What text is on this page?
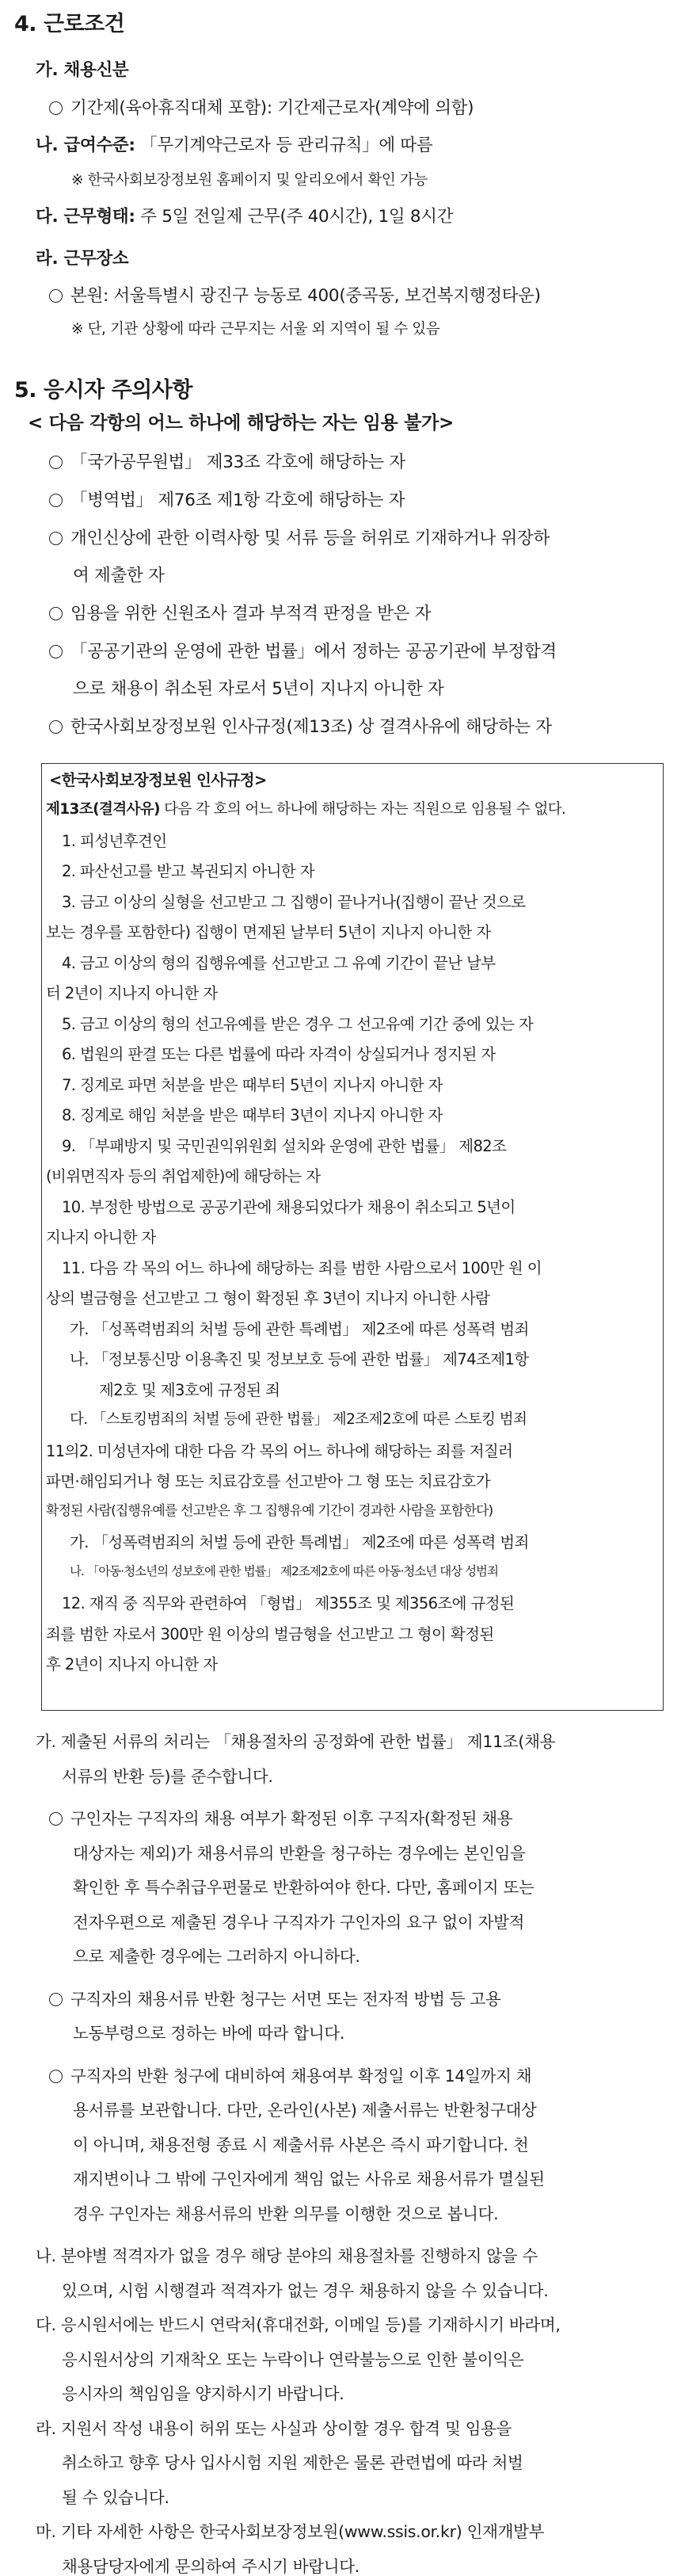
4. 근로조건
가. 채용신분
기간제(육아휴직대체 포함): 기간제근로자(계약에 의함)
나. 급여수준: 「무기계약근로자 등 관리규칙」에 따름
※ 한국사회보장정보원 홈페이지 및 알리오에서 확인 가능
다. 근무형태: 주 5일 전일제 근무(주 40시간), 1일 8시간
라. 근무장소
본원: 서울특별시 광진구 능동로 400(중곡동, 보건복지행정타운)
※ 단, 기관 상황에 따라 근무지는 서울 외 지역이 될 수 있음
5. 응시자 주의사항
< 다음 각항의 어느 하나에 해당하는 자는 임용 불가>
「국가공무원법」 제33조 각호에 해당하는 자
「병역법」 제76조 제1항 각호에 해당하는 자
개인신상에 관한 이력사항 및 서류 등을 허위로 기재하거나 위장하
여 제출한 자
임용을 위한 신원조사 결과 부적격 판정을 받은 자
「공공기관의 운영에 관한 법률」에서 정하는 공공기관에 부정합격
으로 채용이 취소된 자로서 5년이 지나지 아니한 자
한국사회보장정보원 인사규정(제13조) 상 결격사유에 해당하는 자
<한국사회보장정보원 인사규정>
제13조(결격사유) 다음 각 호의 어느 하나에 해당하는 자는 직원으로 임용될 수 없다.
1. 피성년후견인
2. 파산선고를 받고 복권되지 아니한 자
3. 금고 이상의 실형을 선고받고 그 집행이 끝나거나(집행이 끝난 것으로
보는 경우를 포함한다) 집행이 면제된 날부터 5년이 지나지 아니한 자
4. 금고 이상의 형의 집행유예를 선고받고 그 유예 기간이 끝난 날부
터 2년이 지나지 아니한 자
5. 금고 이상의 형의 선고유예를 받은 경우 그 선고유예 기간 중에 있는 자
6. 법원의 판결 또는 다른 법률에 따라 자격이 상실되거나 정지된 자
7. 징계로 파면 처분을 받은 때부터 5년이 지나지 아니한 자
8. 징계로 해임 처분을 받은 때부터 3년이 지나지 아니한 자
9. 「부패방지 및 국민권익위원회 설치와 운영에 관한 법률」 제82조
(비위면직자 등의 취업제한)에 해당하는 자
10. 부정한 방법으로 공공기관에 채용되었다가 채용이 취소되고 5년이
지나지 아니한 자
11. 다음 각 목의 어느 하나에 해당하는 죄를 범한 사람으로서 100만 원 이
상의 벌금형을 선고받고 그 형이 확정된 후 3년이 지나지 아니한 사람
가. 「성폭력범죄의 처벌 등에 관한 특례법」 제2조에 따른 성폭력 범죄
나. 「정보통신망 이용촉진 및 정보보호 등에 관한 법률」 제74조제1항
제2호 및 제3호에 규정된 죄
다. 「스토킹범죄의 처벌 등에 관한 법률」 제2조제2호에 따른 스토킹 범죄
11의2. 미성년자에 대한 다음 각 목의 어느 하나에 해당하는 죄를 저질러
파면·해임되거나 형 또는 치료감호를 선고받아 그 형 또는 치료감호가
확정된 사람(집행유예를 선고받은 후 그 집행유예 기간이 경과한 사람을 포함한다)
가. 「성폭력범죄의 처벌 등에 관한 특례법」 제2조에 따른 성폭력 범죄
나. 「아동·청소년의 성보호에 관한 법률」 제2조제2호에 따른 아동·청소년 대상 성범죄
12. 재직 중 직무와 관련하여 「형법」 제355조 및 제356조에 규정된
죄를 범한 자로서 300만 원 이상의 벌금형을 선고받고 그 형이 확정된
후 2년이 지나지 아니한 자
가. 제출된 서류의 처리는 「채용절차의 공정화에 관한 법률」 제11조(채용
서류의 반환 등)를 준수합니다.
구인자는 구직자의 채용 여부가 확정된 이후 구직자(확정된 채용
대상자는 제외)가 채용서류의 반환을 청구하는 경우에는 본인임을
확인한 후 특수취급우편물로 반환하여야 한다. 다만, 홈페이지 또는
전자우편으로 제출된 경우나 구직자가 구인자의 요구 없이 자발적
으로 제출한 경우에는 그러하지 아니하다.
구직자의 채용서류 반환 청구는 서면 또는 전자적 방법 등 고용
노동부령으로 정하는 바에 따라 합니다.
구직자의 반환 청구에 대비하여 채용여부 확정일 이후 14일까지 채
용서류를 보관합니다. 다만, 온라인(사본) 제출서류는 반환청구대상
이 아니며, 채용전형 종료 시 제출서류 사본은 즉시 파기합니다. 천
재지변이나 그 밖에 구인자에게 책임 없는 사유로 채용서류가 멸실된
경우 구인자는 채용서류의 반환 의무를 이행한 것으로 봅니다.
나. 분야별 적격자가 없을 경우 해당 분야의 채용절차를 진행하지 않을 수
있으며, 시험 시행결과 적격자가 없는 경우 채용하지 않을 수 있습니다.
다. 응시원서에는 반드시 연락처(휴대전화, 이메일 등)를 기재하시기 바라며,
응시원서상의 기재착오 또는 누락이나 연락불능으로 인한 불이익은
응시자의 책임임을 양지하시기 바랍니다.
라. 지원서 작성 내용이 허위 또는 사실과 상이할 경우 합격 및 임용을
취소하고 향후 당사 입사시험 지원 제한은 물론 관련법에 따라 처벌
될 수 있습니다.
마. 기타 자세한 사항은 한국사회보장정보원(www.ssis.or.kr) 인재개발부
채용담당자에게 문의하여 주시기 바랍니다.
